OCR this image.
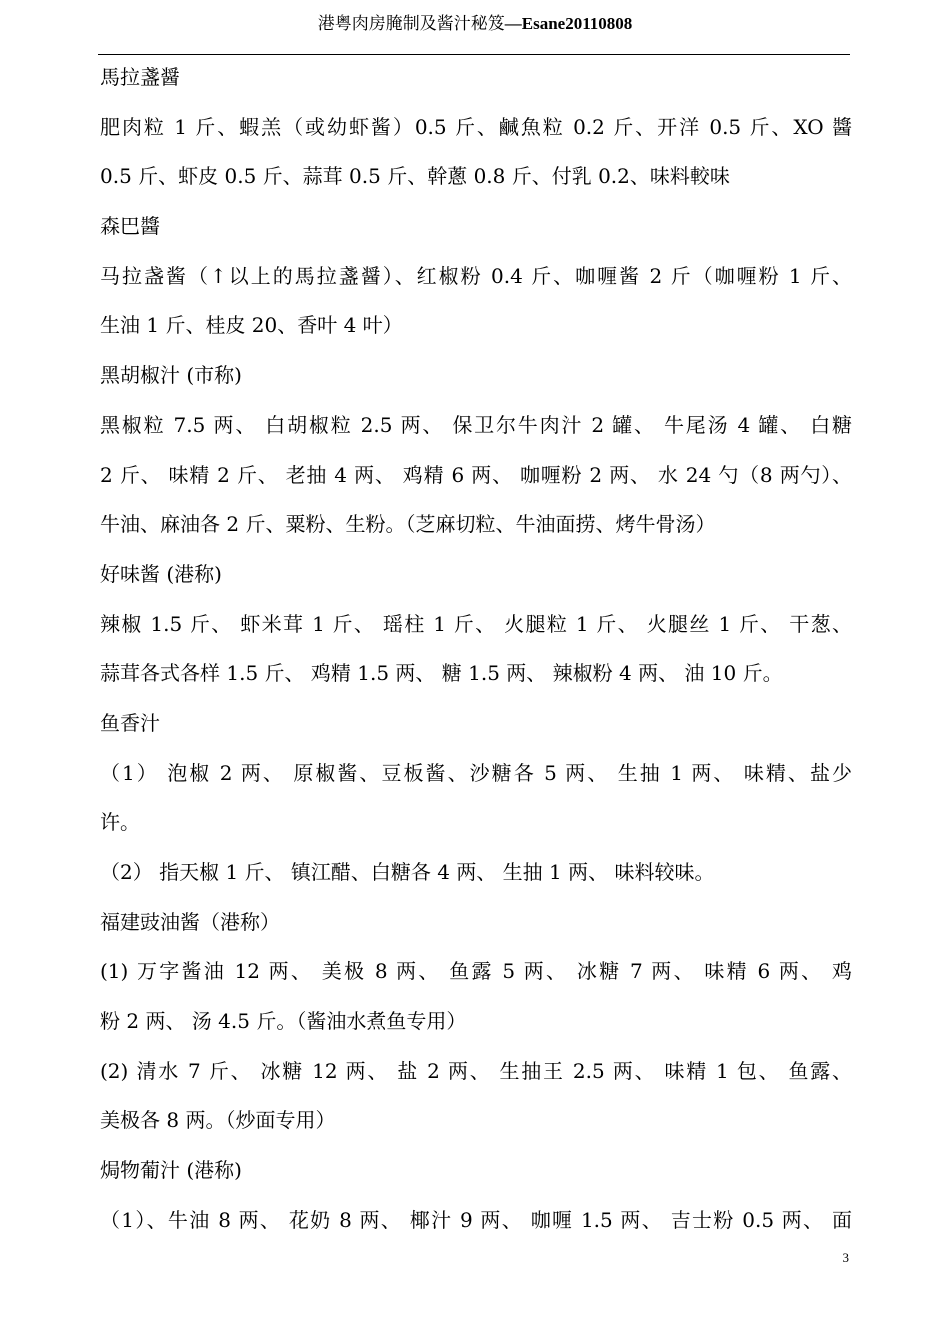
港粤肉房腌制及酱汁秘笈—Esane20110808
馬拉盞醤
肥肉粒 1 斤、蝦羔（或幼虾酱）0.5 斤、鹹魚粒 0.2 斤、开洋 0.5 斤、XO 醬
0.5 斤、虾皮 0.5 斤、蒜茸 0.5 斤、幹蔥 0.8 斤、付乳 0.2、味料較味
森巴醬
马拉盏酱（↑以上的馬拉盞醤）、红椒粉 0.4 斤、咖喱酱 2 斤（咖喱粉 1 斤、
生油 1 斤、桂皮 20、香叶 4 叶）
黑胡椒汁 (市称)
黑椒粒 7.5 两、 白胡椒粒 2.5 两、 保卫尔牛肉汁 2 罐、 牛尾汤 4 罐、 白糖
2 斤、 味精 2 斤、 老抽 4 两、 鸡精 6 两、 咖喱粉 2 两、 水 24 勺（8 两勺）、
牛油、麻油各 2 斤、粟粉、生粉。（芝麻切粒、牛油面捞、烤牛骨汤）
好味酱 (港称)
辣椒 1.5 斤、 虾米茸 1 斤、 瑶柱 1 斤、 火腿粒 1 斤、 火腿丝 1 斤、 干葱、
蒜茸各式各样 1.5 斤、 鸡精 1.5 两、 糖 1.5 两、 辣椒粉 4 两、 油 10 斤。
鱼香汁
（1） 泡椒 2 两、 原椒酱、豆板酱、沙糖各 5 两、 生抽 1 两、 味精、盐少
许。
（2） 指天椒 1 斤、 镇江醋、白糖各 4 两、 生抽 1 两、 味料较味。
福建豉油酱（港称）
(1) 万字酱油 12 两、 美极 8 两、 鱼露 5 两、 冰糖 7 两、 味精 6 两、 鸡
粉 2 两、 汤 4.5 斤。（酱油水煮鱼专用）
(2) 清水 7 斤、 冰糖 12 两、 盐 2 两、 生抽王 2.5 两、 味精 1 包、 鱼露、
美极各 8 两。（炒面专用）
焗物葡汁 (港称)
（1）、牛油 8 两、 花奶 8 两、 椰汁 9 两、 咖喱 1.5 两、 吉士粉 0.5 两、 面
3
